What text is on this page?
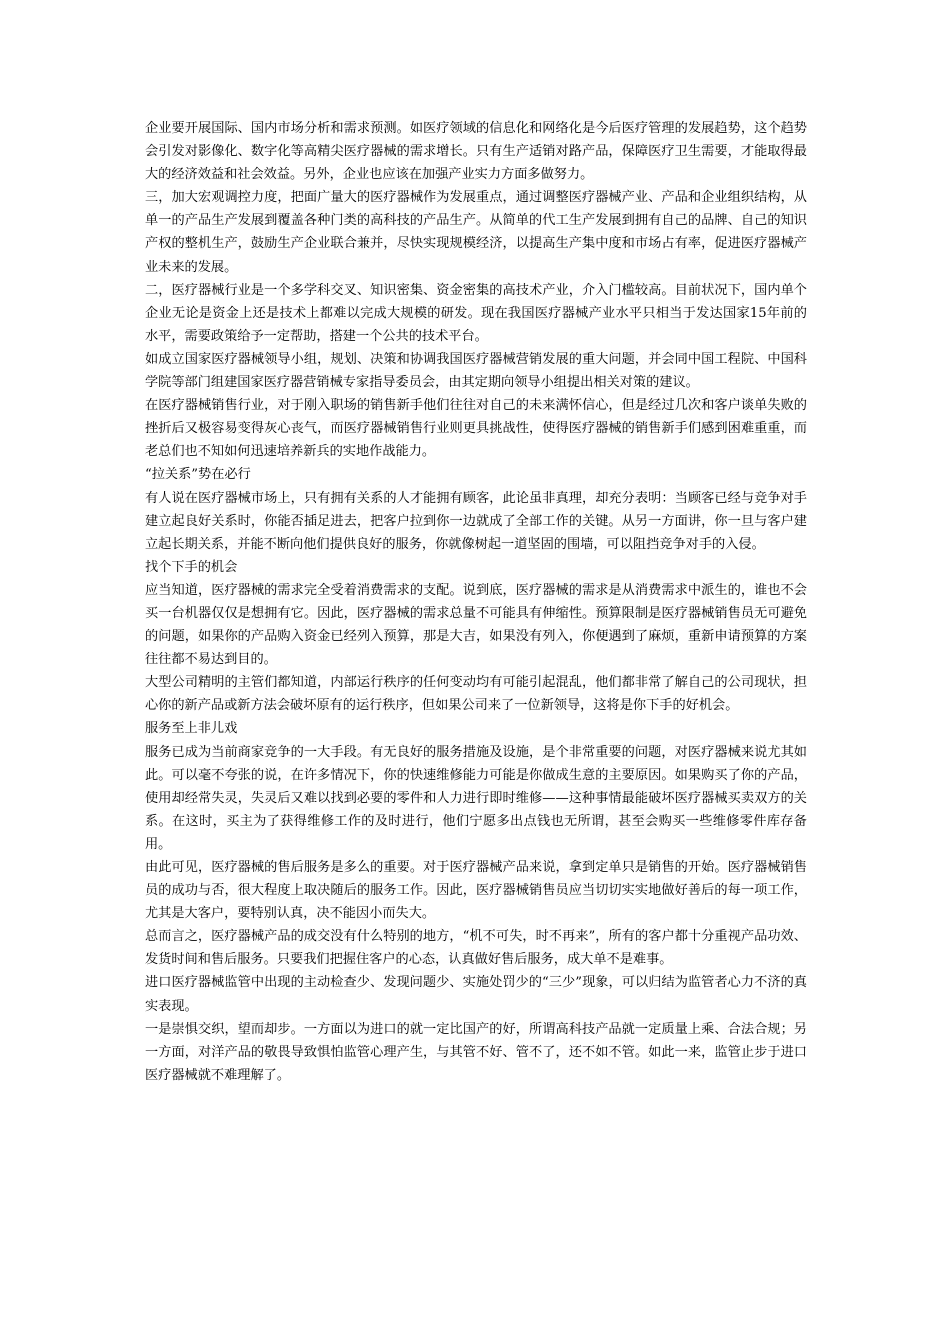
企业要开展国际、国内市场分析和需求预测。如医疗领域的信息化和网络化是今后医疗管理的发展趋势，这个趋势会引发对影像化、数字化等高精尖医疗器械的需求增长。只有生产适销对路产品，保障医疗卫生需要，才能取得最大的经济效益和社会效益。另外，企业也应该在加强产业实力方面多做努力。

三，加大宏观调控力度，把面广量大的医疗器械作为发展重点，通过调整医疗器械产业、产品和企业组织结构，从单一的产品生产发展到覆盖各种门类的高科技的产品生产。从简单的代工生产发展到拥有自己的品牌、自己的知识产权的整机生产，鼓励生产企业联合兼并，尽快实现规模经济，以提高生产集中度和市场占有率，促进医疗器械产业未来的发展。

二，医疗器械行业是一个多学科交叉、知识密集、资金密集的高技术产业，介入门槛较高。目前状况下，国内单个企业无论是资金上还是技术上都难以完成大规模的研发。现在我国医疗器械产业水平只相当于发达国家15年前的水平，需要政策给予一定帮助，搭建一个公共的技术平台。

如成立国家医疗器械领导小组，规划、决策和协调我国医疗器械营销发展的重大问题，并会同中国工程院、中国科学院等部门组建国家医疗器营销械专家指导委员会，由其定期向领导小组提出相关对策的建议。

在医疗器械销售行业，对于刚入职场的销售新手他们往往对自己的未来满怀信心，但是经过几次和客户谈单失败的挫折后又极容易变得灰心丧气，而医疗器械销售行业则更具挑战性，使得医疗器械的销售新手们感到困难重重，而老总们也不知如何迅速培养新兵的实地作战能力。

“拉关系”势在必行

有人说在医疗器械市场上，只有拥有关系的人才能拥有顾客，此论虽非真理，却充分表明：当顾客已经与竞争对手建立起良好关系时，你能否插足进去，把客户拉到你一边就成了全部工作的关键。从另一方面讲，你一旦与客户建立起长期关系，并能不断向他们提供良好的服务，你就像树起一道坚固的围墙，可以阻挡竞争对手的入侵。

找个下手的机会

应当知道，医疗器械的需求完全受着消费需求的支配。说到底，医疗器械的需求是从消费需求中派生的，谁也不会买一台机器仅仅是想拥有它。因此，医疗器械的需求总量不可能具有伸缩性。预算限制是医疗器械销售员无可避免的问题，如果你的产品购入资金已经列入预算，那是大吉，如果没有列入，你便遇到了麻烦，重新申请预算的方案往往都不易达到目的。

大型公司精明的主管们都知道，内部运行秩序的任何变动均有可能引起混乱，他们都非常了解自己的公司现状，担心你的新产品或新方法会破坏原有的运行秩序，但如果公司来了一位新领导，这将是你下手的好机会。

服务至上非儿戏

服务已成为当前商家竞争的一大手段。有无良好的服务措施及设施，是个非常重要的问题，对医疗器械来说尤其如此。可以毫不夸张的说，在许多情况下，你的快速维修能力可能是你做成生意的主要原因。如果购买了你的产品，使用却经常失灵，失灵后又难以找到必要的零件和人力进行即时维修——这种事情最能破坏医疗器械买卖双方的关系。在这时，买主为了获得维修工作的及时进行，他们宁愿多出点钱也无所谓，甚至会购买一些维修零件库存备用。

由此可见，医疗器械的售后服务是多么的重要。对于医疗器械产品来说，拿到定单只是销售的开始。医疗器械销售员的成功与否，很大程度上取决随后的服务工作。因此，医疗器械销售员应当切切实实地做好善后的每一项工作，尤其是大客户，要特别认真，决不能因小而失大。

总而言之，医疗器械产品的成交没有什么特别的地方，“机不可失，时不再来”，所有的客户都十分重视产品功效、发货时间和售后服务。只要我们把握住客户的心态，认真做好售后服务，成大单不是难事。

进口医疗器械监管中出现的主动检查少、发现问题少、实施处罚少的“三少”现象，可以归结为监管者心力不济的真实表现。

一是崇惧交织，望而却步。一方面以为进口的就一定比国产的好，所谓高科技产品就一定质量上乘、合法合规；另一方面，对洋产品的敬畏导致惧怕监管心理产生，与其管不好、管不了，还不如不管。如此一来，监管止步于进口医疗器械就不难理解了。
